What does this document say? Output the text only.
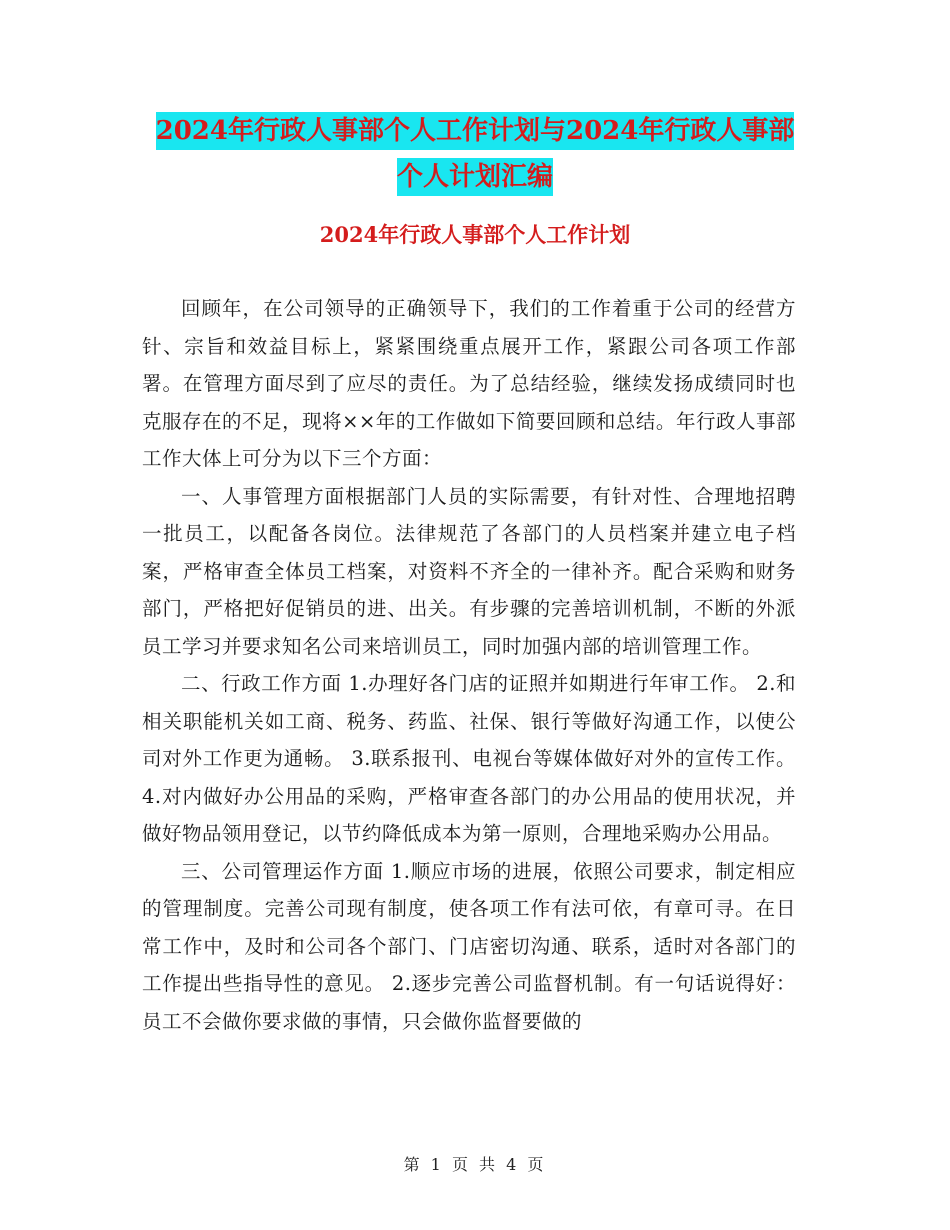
2024年行政人事部个人工作计划与2024年行政人事部
个人计划汇编
2024年行政人事部个人工作计划

回顾年，在公司领导的正确领导下，我们的工作着重于公司的经营方针、宗旨和效益目标上，紧紧围绕重点展开工作，紧跟公司各项工作部署。在管理方面尽到了应尽的责任。为了总结经验，继续发扬成绩同时也克服存在的不足，现将××年的工作做如下简要回顾和总结。年行政人事部工作大体上可分为以下三个方面：

一、人事管理方面根据部门人员的实际需要，有针对性、合理地招聘一批员工，以配备各岗位。法律规范了各部门的人员档案并建立电子档案，严格审查全体员工档案，对资料不齐全的一律补齐。配合采购和财务部门，严格把好促销员的进、出关。有步骤的完善培训机制，不断的外派员工学习并要求知名公司来培训员工，同时加强内部的培训管理工作。

二、行政工作方面 1.办理好各门店的证照并如期进行年审工作。 2.和相关职能机关如工商、税务、药监、社保、银行等做好沟通工作，以使公司对外工作更为通畅。 3.联系报刊、电视台等媒体做好对外的宣传工作。 4.对内做好办公用品的采购，严格审查各部门的办公用品的使用状况，并做好物品领用登记，以节约降低成本为第一原则，合理地采购办公用品。

三、公司管理运作方面 1.顺应市场的进展，依照公司要求，制定相应的管理制度。完善公司现有制度，使各项工作有法可依，有章可寻。在日常工作中，及时和公司各个部门、门店密切沟通、联系，适时对各部门的工作提出些指导性的意见。 2.逐步完善公司监督机制。有一句话说得好：员工不会做你要求做的事情，只会做你监督要做的

第 1 页 共 4 页
